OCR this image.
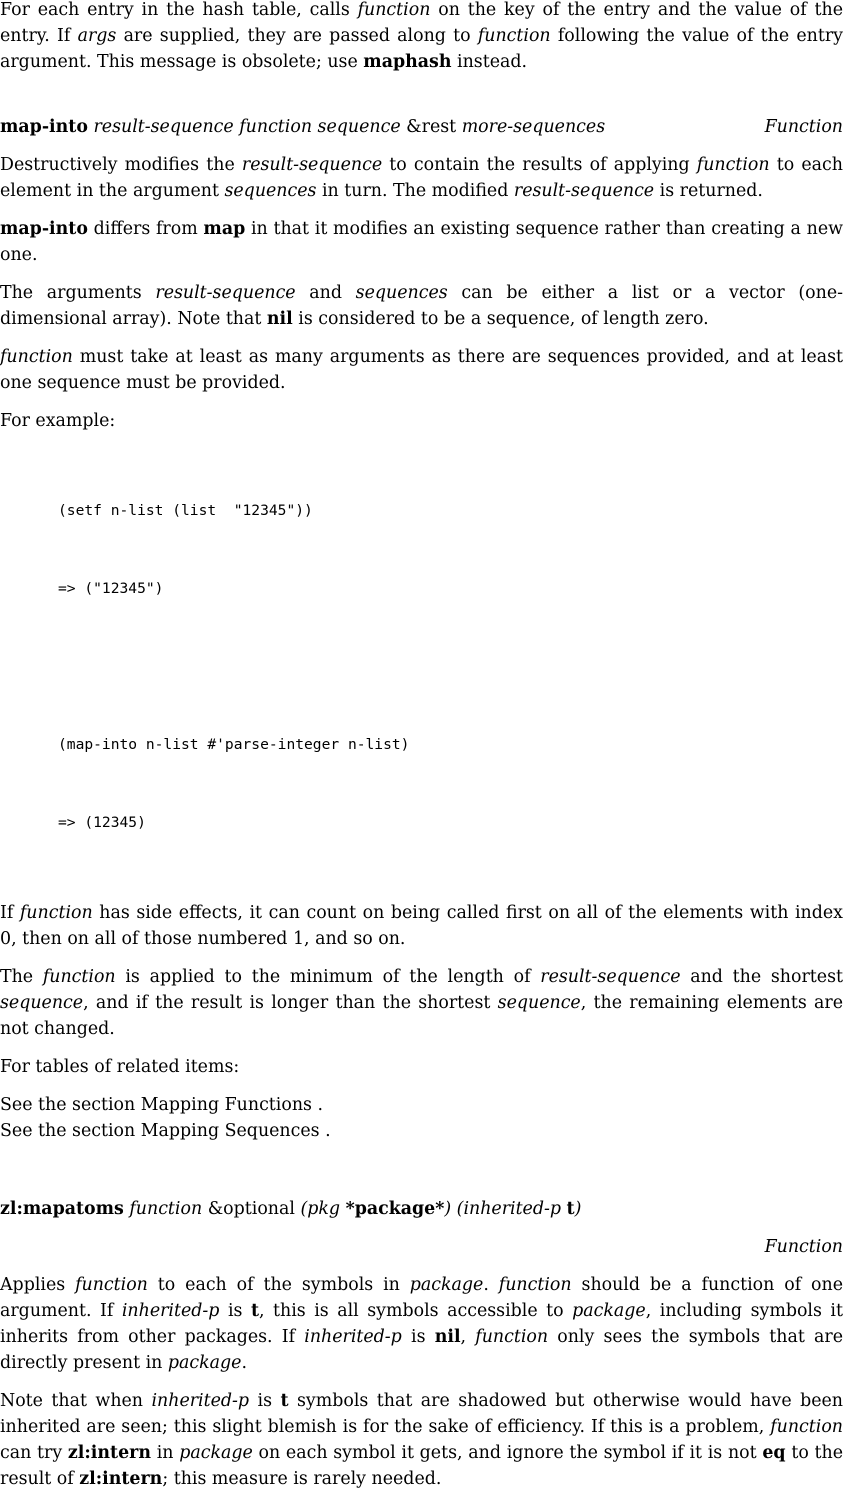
For each entry in the hash table, calls function on the key of the entry and the value of the entry. If args are supplied, they are passed along to function following the value of the entry argument. This message is obsolete; use maphash instead.

map-into result-sequence function sequence &rest more-sequences	Function

Destructively modifies the result-sequence to contain the results of applying function to each element in the argument sequences in turn. The modified result-sequence is returned.

map-into differs from map in that it modifies an existing sequence rather than creating a new one.

The arguments result-sequence and sequences can be either a list or a vector (one-dimensional array). Note that nil is considered to be a sequence, of length zero.

function must take at least as many arguments as there are sequences provided, and at least one sequence must be provided.

For example:

(setf n-list (list  "12345"))

=> ("12345")

(map-into n-list #'parse-integer n-list)

=> (12345)

If function has side effects, it can count on being called first on all of the elements with index 0, then on all of those numbered 1, and so on.

The function is applied to the minimum of the length of result-sequence and the shortest sequence, and if the result is longer than the shortest sequence, the remaining elements are not changed.

For tables of related items:

See the section Mapping Functions .

See the section Mapping Sequences .

zl:mapatoms function &optional (pkg *package*) (inherited-p t)
Function

Applies function to each of the symbols in package. function should be a function of one argument. If inherited-p is t, this is all symbols accessible to package, including symbols it inherits from other packages. If inherited-p is nil, function only sees the symbols that are directly present in package.

Note that when inherited-p is t symbols that are shadowed but otherwise would have been inherited are seen; this slight blemish is for the sake of efficiency. If this is a problem, function can try zl:intern in package on each symbol it gets, and ignore the symbol if it is not eq to the result of zl:intern; this measure is rarely needed.
